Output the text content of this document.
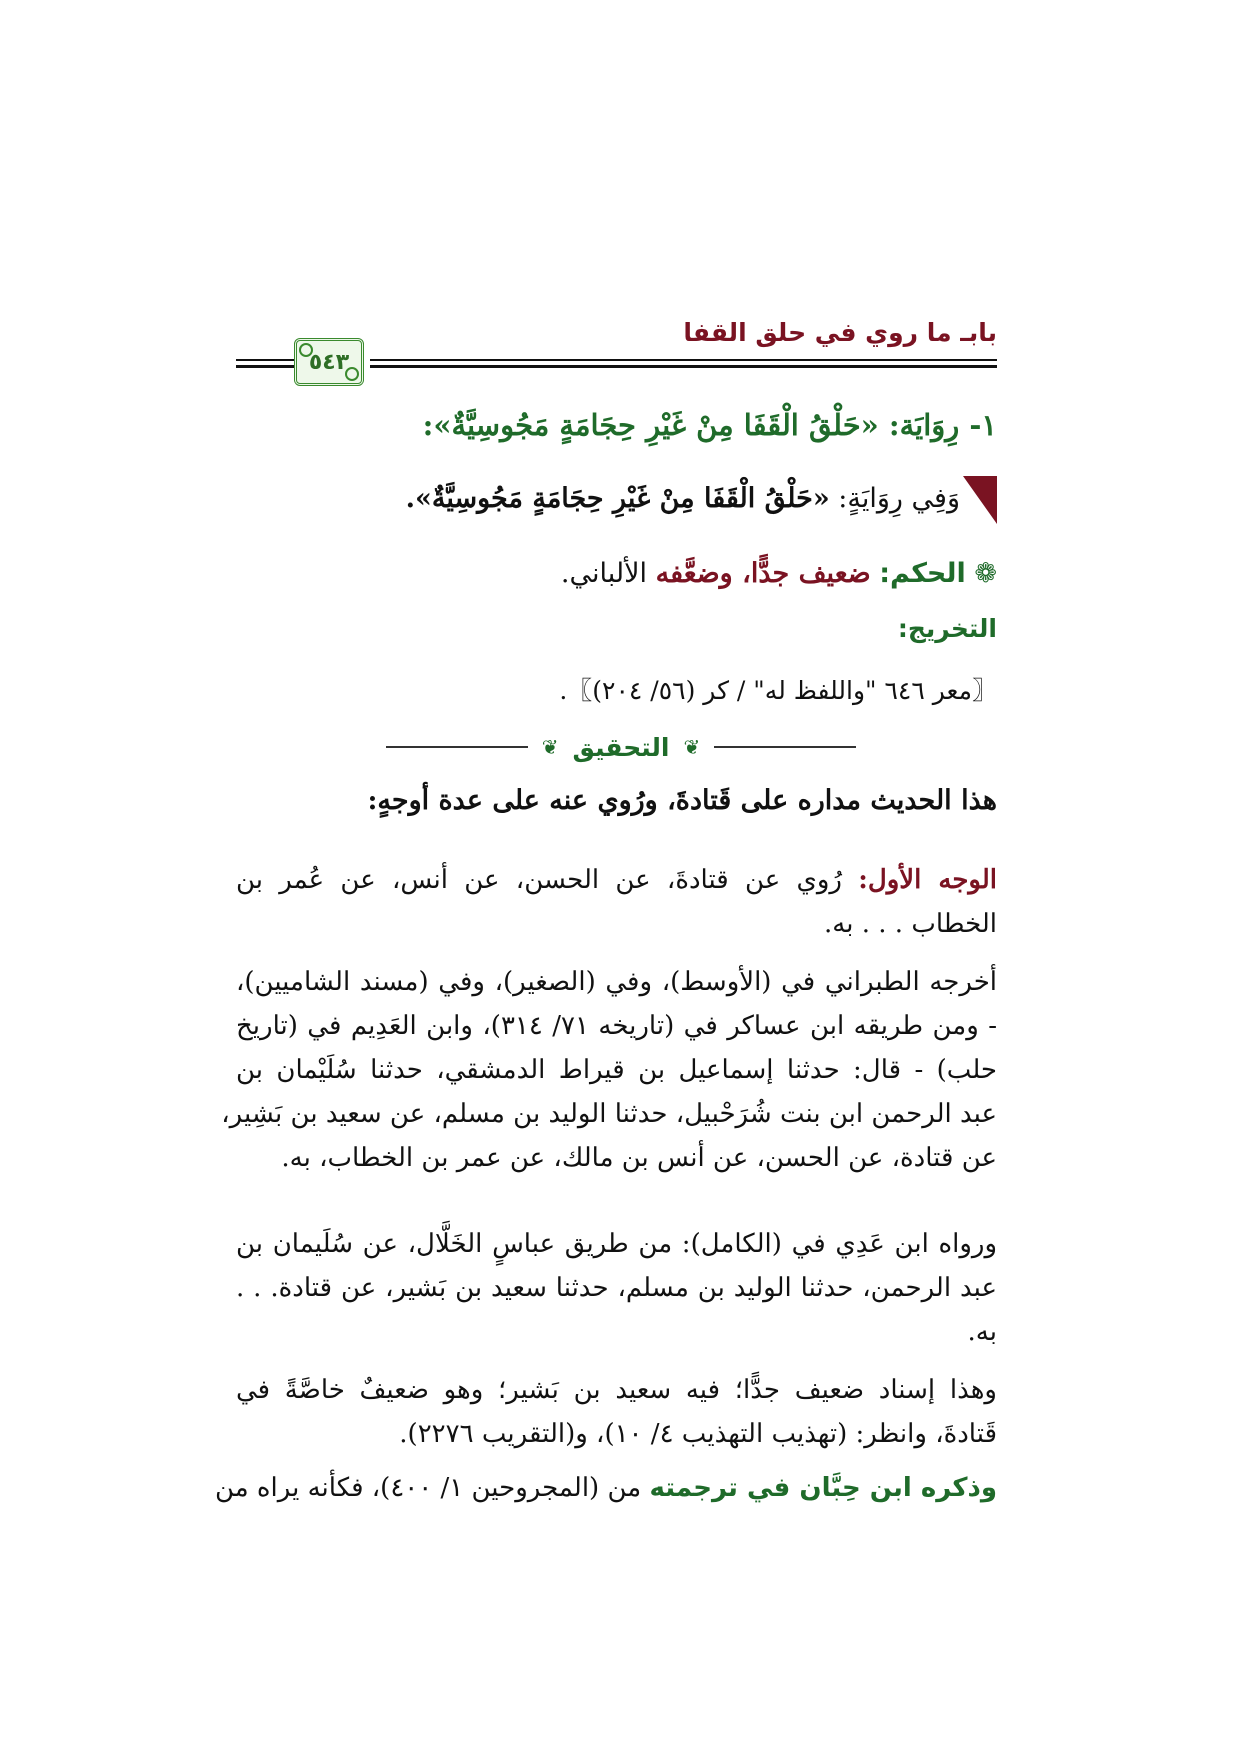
بابـ ما روي في حلق القفا
٥٤٣
١- رِوَايَة: «حَلْقُ الْقَفَا مِنْ غَيْرِ حِجَامَةٍ مَجُوسِيَّةٌ»:
وَفِي رِوَايَةٍ: «حَلْقُ الْقَفَا مِنْ غَيْرِ حِجَامَةٍ مَجُوسِيَّةٌ».
❁ الحكم: ضعيف جدًّا، وضعَّفه الألباني.
التخريج:
〖معر ٦٤٦ "واللفظ له" / كر (٥٦/ ٢٠٤)〗.
❦
التحقيق
❦
هذا الحديث مداره على قَتادةَ، ورُوي عنه على عدة أوجهٍ:
الوجه الأول: رُوي عن قتادةَ، عن الحسن، عن أنس، عن عُمر بن
الخطاب . . . به.
أخرجه الطبراني في (الأوسط)، وفي (الصغير)، وفي (مسند الشاميين)،
- ومن طريقه ابن عساكر في (تاريخه ٧١/ ٣١٤)، وابن العَدِيم في (تاريخ
حلب) - قال: حدثنا إسماعيل بن قيراط الدمشقي، حدثنا سُلَيْمان بن
عبد الرحمن ابن بنت شُرَحْبيل، حدثنا الوليد بن مسلم، عن سعيد بن بَشِير،
عن قتادة، عن الحسن، عن أنس بن مالك، عن عمر بن الخطاب، به.
ورواه ابن عَدِي في (الكامل): من طريق عباسٍ الخَلَّال، عن سُلَيمان بن
عبد الرحمن، حدثنا الوليد بن مسلم، حدثنا سعيد بن بَشير، عن قتادة. . .
به.
وهذا إسناد ضعيف جدًّا؛ فيه سعيد بن بَشير؛ وهو ضعيفٌ خاصَّةً في
قَتادةَ، وانظر: (تهذيب التهذيب ٤/ ١٠)، و(التقريب ٢٢٧٦).
وذكره ابن حِبَّان في ترجمته من (المجروحين ١/ ٤٠٠)، فكأنه يراه من
